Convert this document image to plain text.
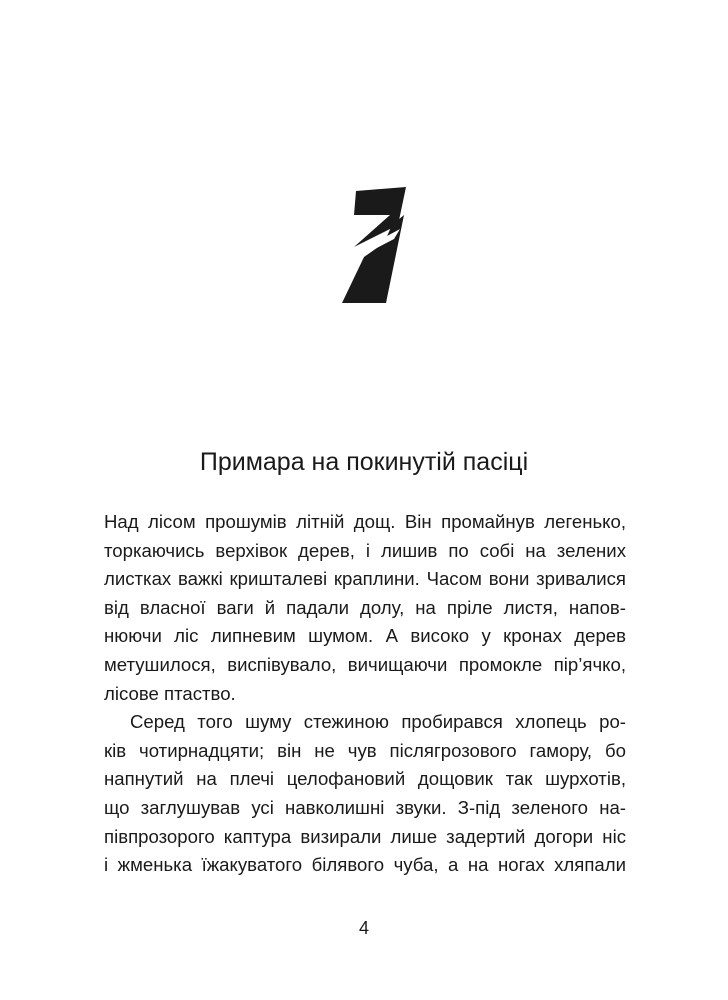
Примара на покинутій пасіці

Над лісом прошумів літній дощ. Він промайнув легенько,

торкаючись верхівок дерев, і лишив по собі на зелених

листках важкі кришталеві краплини. Часом вони зривалися

від власної ваги й падали долу, на пріле листя, напов-

нюючи ліс липневим шумом. А високо у кронах дерев

метушилося, виспівувало, вичищаючи промокле пір’ячко,

лісове птаство.

Серед того шуму стежиною пробирався хлопець ро-

ків чотирнадцяти; він не чув післягрозового гамору, бо

напнутий на плечі целофановий дощовик так шурхотів,

що заглушував усі навколишні звуки. З-під зеленого на-

півпрозорого каптура визирали лише задертий догори ніс

і жменька їжакуватого білявого чуба, а на ногах хляпали

4
